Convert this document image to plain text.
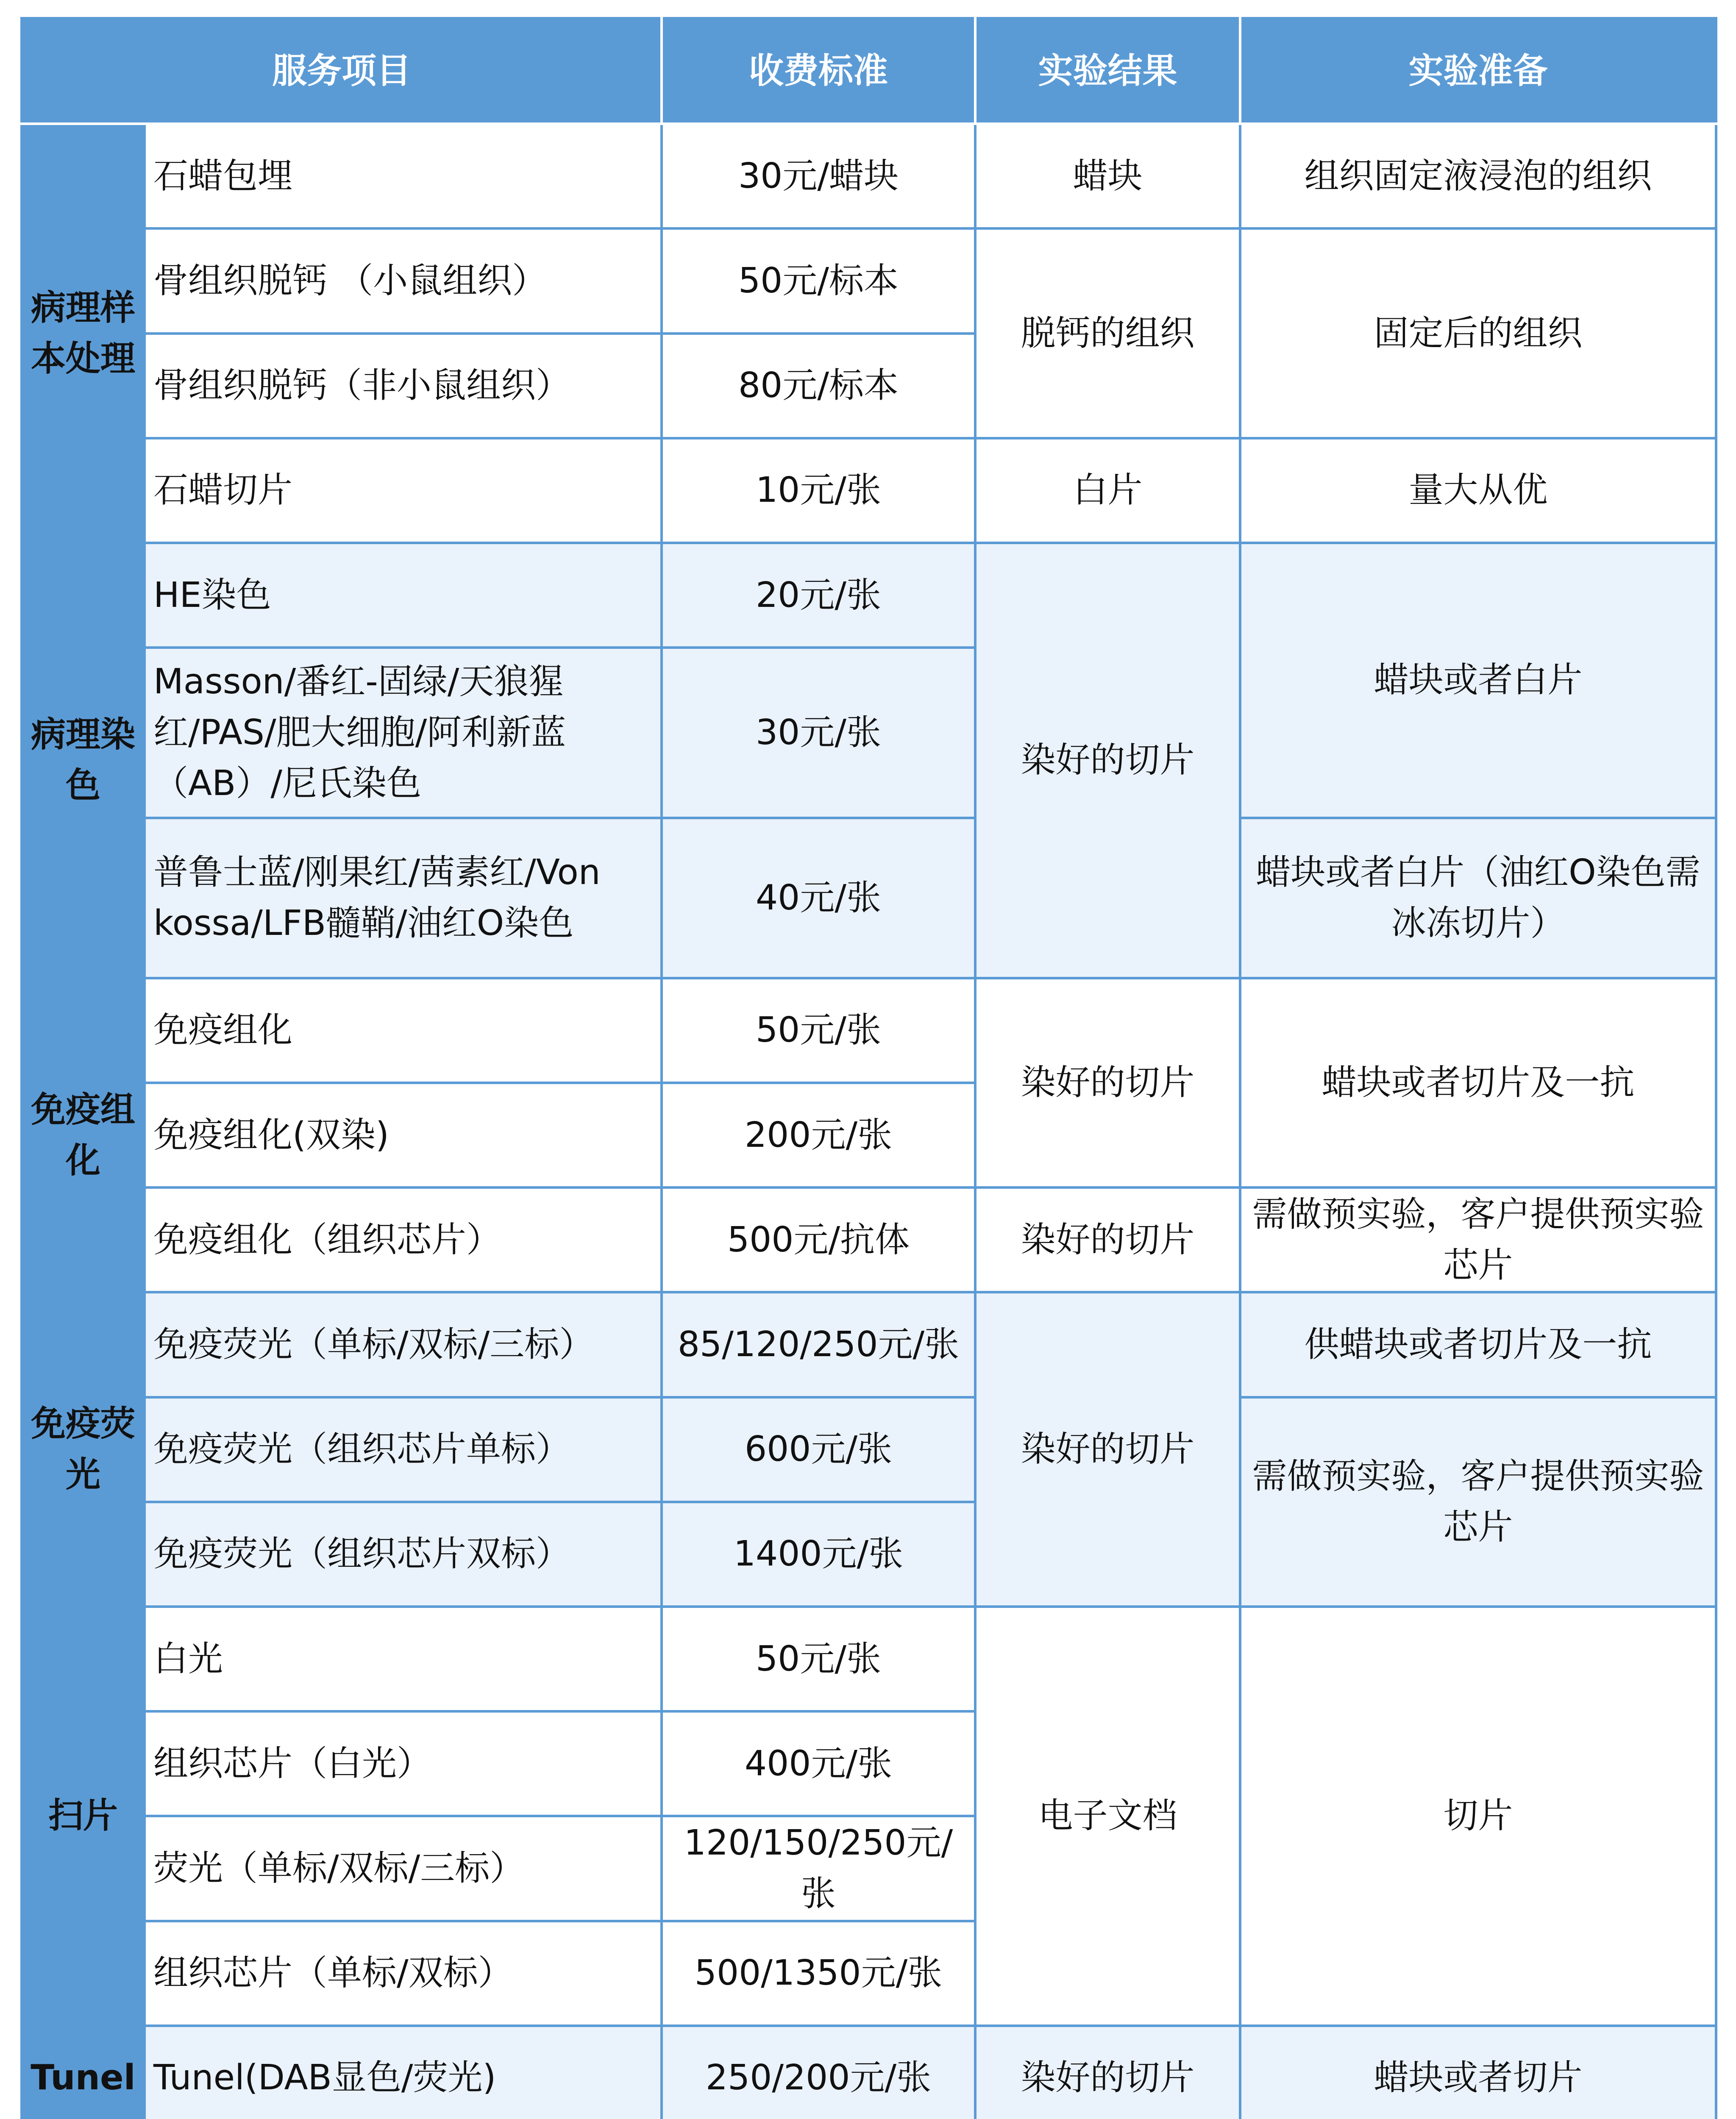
服务项目		收费标准	实验结果	实验准备
病理样本处理	石蜡包埋	30元/蜡块	蜡块	组织固定液浸泡的组织
	骨组织脱钙 （小鼠组织）	50元/标本	脱钙的组织	固定后的组织
	骨组织脱钙（非小鼠组织）	80元/标本		
	石蜡切片	10元/张	白片	量大从优
病理染色	HE染色	20元/张	染好的切片	蜡块或者白片
	Masson/番红-固绿/天狼猩红/PAS/肥大细胞/阿利新蓝（AB）/尼氏染色	30元/张		
	普鲁士蓝/刚果红/茜素红/Von kossa/LFB髓鞘/油红O染色	40元/张		蜡块或者白片（油红O染色需冰冻切片）
免疫组化	免疫组化	50元/张	染好的切片	蜡块或者切片及一抗
	免疫组化(双染)	200元/张		
	免疫组化（组织芯片）	500元/抗体	染好的切片	需做预实验，客户提供预实验芯片
免疫荧光	免疫荧光（单标/双标/三标）	85/120/250元/张	染好的切片	供蜡块或者切片及一抗
	免疫荧光（组织芯片单标）	600元/张		需做预实验，客户提供预实验芯片
	免疫荧光（组织芯片双标）	1400元/张		
扫片	白光	50元/张	电子文档	切片
	组织芯片（白光）	400元/张		
	荧光（单标/双标/三标）	120/150/250元/张		
	组织芯片（单标/双标）	500/1350元/张		
Tunel	Tunel(DAB显色/荧光)	250/200元/张	染好的切片	蜡块或者切片
